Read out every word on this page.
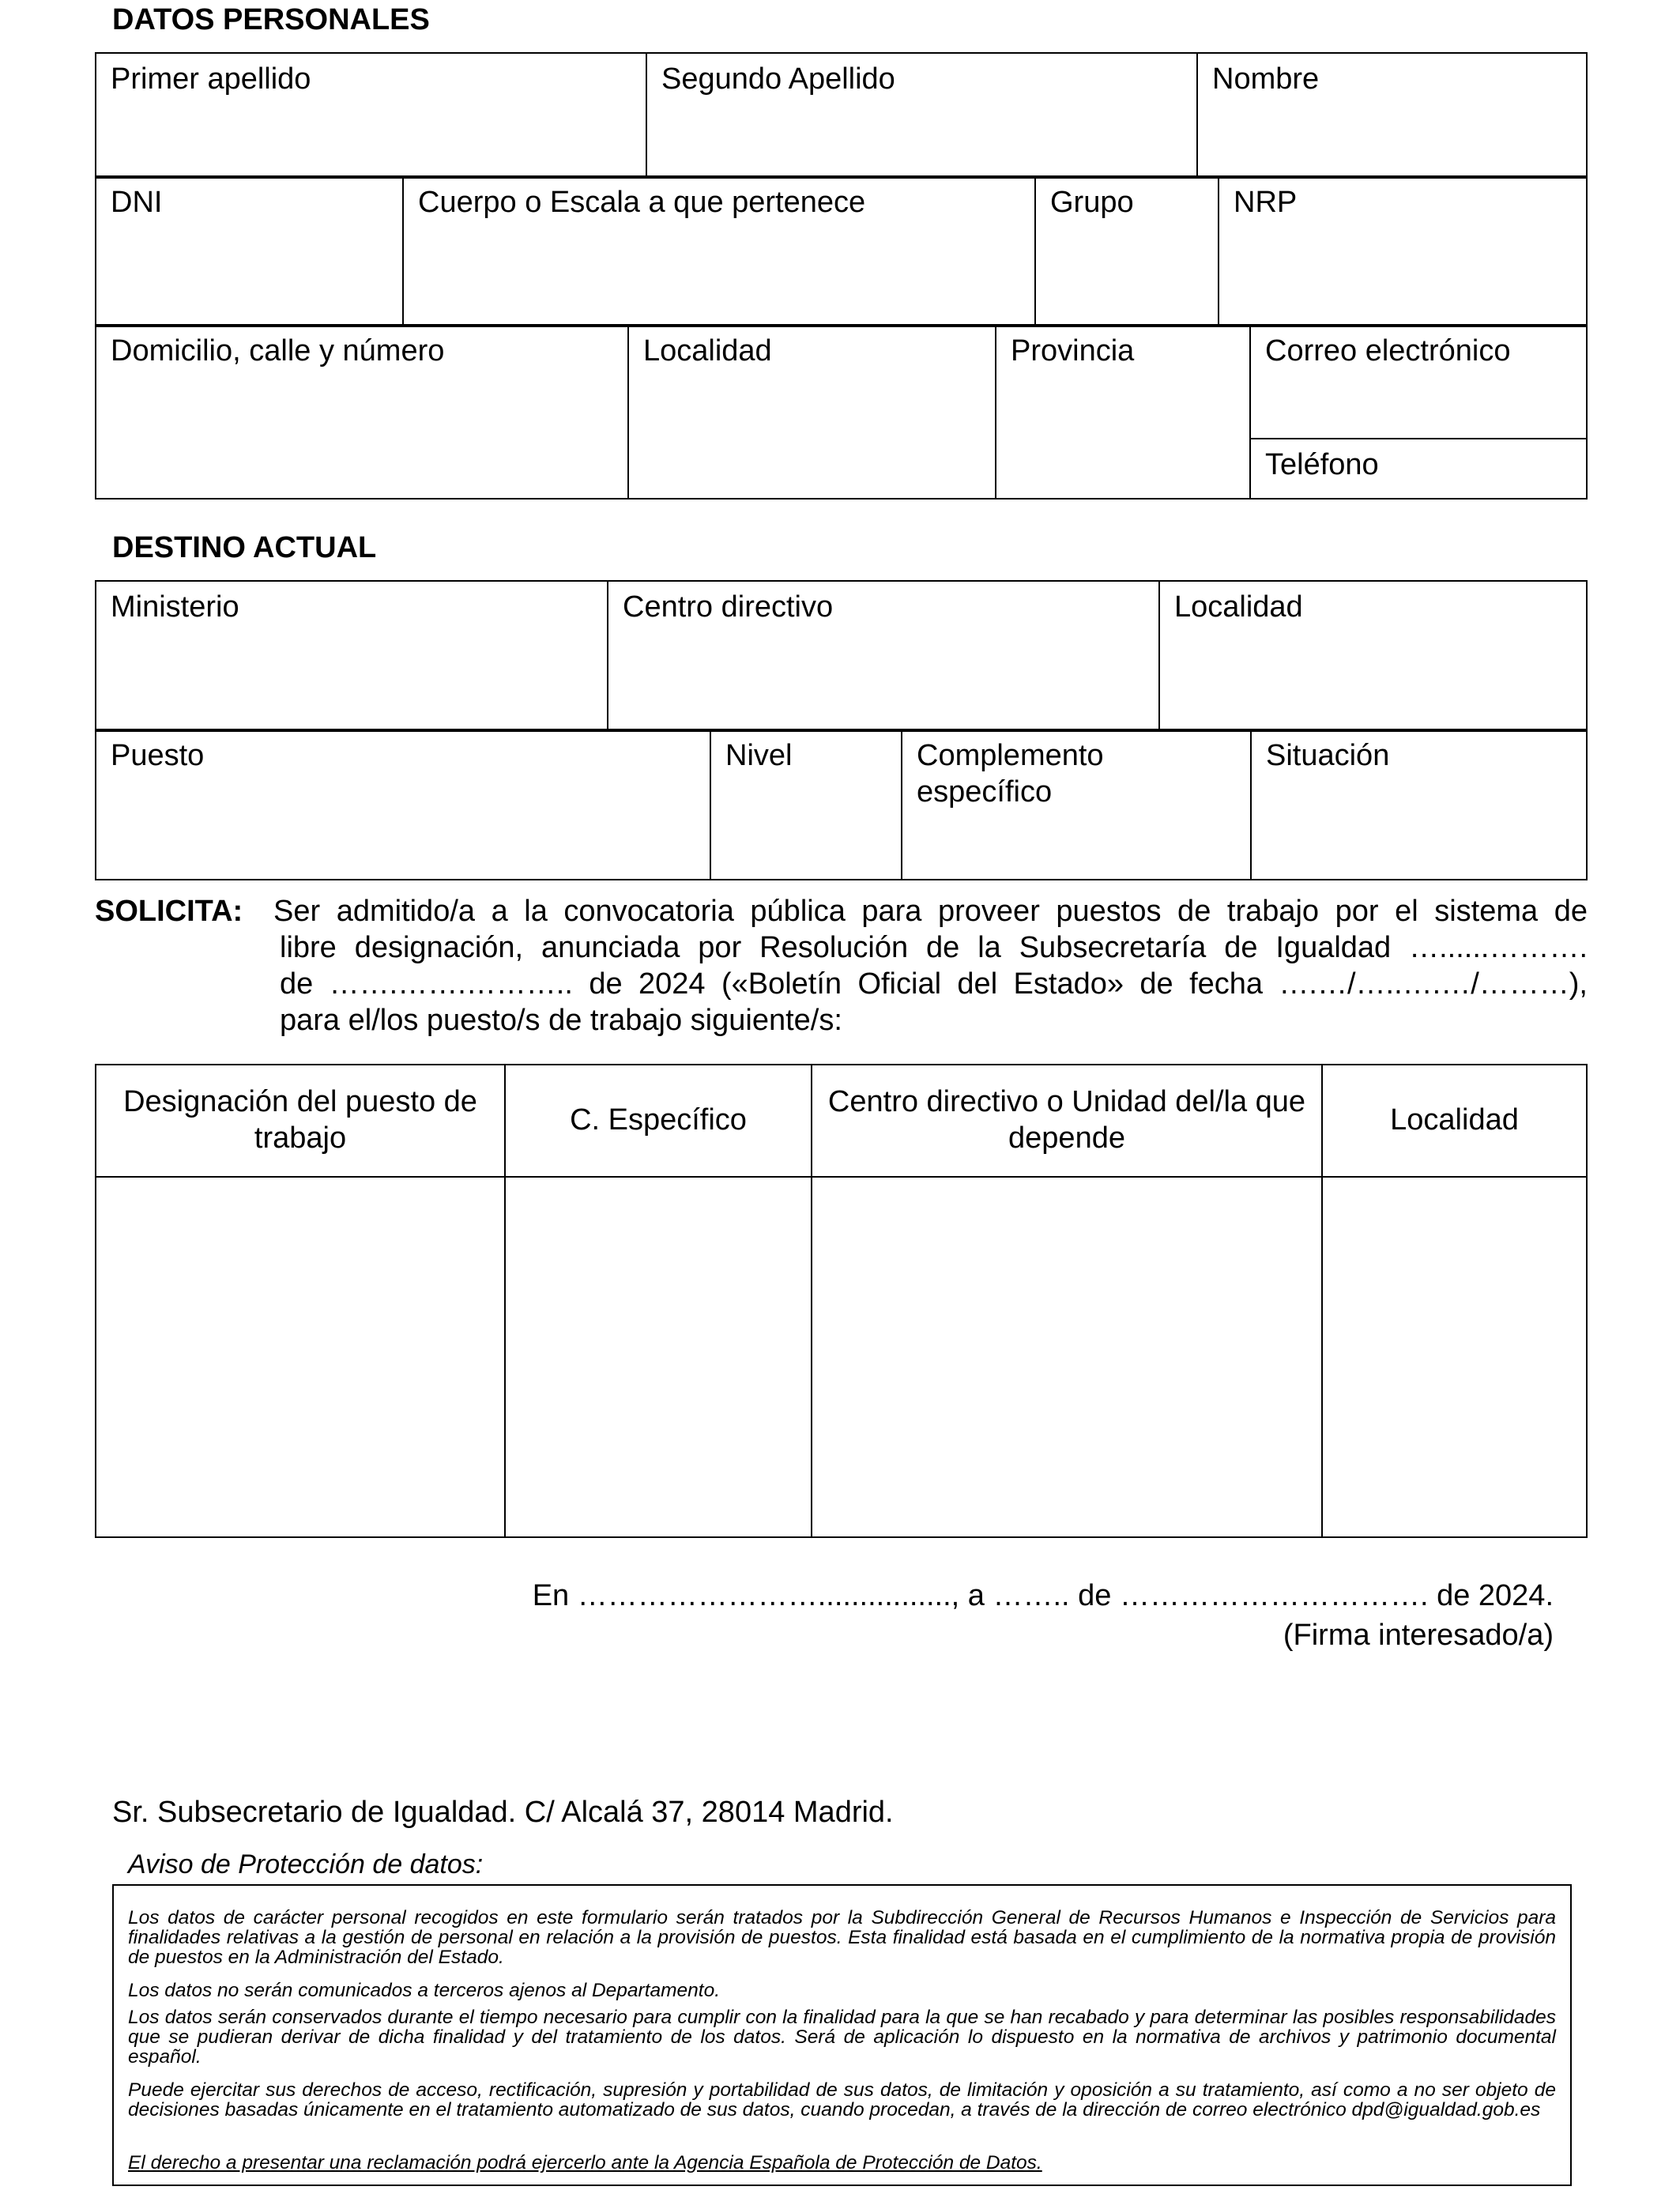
DATOS PERSONALES
Primer apellido	Segundo Apellido	Nombre
DNI	Cuerpo o Escala a que pertenece	Grupo	NRP
Domicilio, calle y número	Localidad	Provincia	Correo electrónico
Teléfono
DESTINO ACTUAL
Ministerio	Centro directivo	Localidad
Puesto	Nivel	Complemento específico	Situación
SOLICITA: Ser admitido/a a la convocatoria pública para proveer puestos de trabajo por el sistema de
libre designación, anunciada por Resolución de la Subsecretaría de Igualdad …......……….
de …….…….……….. de 2024 («Boletín Oficial del Estado» de fecha ….…/…..….…/………),
para el/los puesto/s de trabajo siguiente/s:
Designación del puesto de trabajo	C. Específico	Centro directivo o Unidad del/la que depende	Localidad

En ……………………................, a …….. de …………………………. de 2024.
(Firma interesado/a)
Sr. Subsecretario de Igualdad. C/ Alcalá 37, 28014 Madrid.
Aviso de Protección de datos:

Los datos de carácter personal recogidos en este formulario serán tratados por la Subdirección General de Recursos Humanos e Inspección de Servicios para finalidades relativas a la gestión de personal en relación a la provisión de puestos. Esta finalidad está basada en el cumplimiento de la normativa propia de provisión de puestos en la Administración del Estado.

Los datos no serán comunicados a terceros ajenos al Departamento.

Los datos serán conservados durante el tiempo necesario para cumplir con la finalidad para la que se han recabado y para determinar las posibles responsabilidades que se pudieran derivar de dicha finalidad y del tratamiento de los datos. Será de aplicación lo dispuesto en la normativa de archivos y patrimonio documental español.

Puede ejercitar sus derechos de acceso, rectificación, supresión y portabilidad de sus datos, de limitación y oposición a su tratamiento, así como a no ser objeto de decisiones basadas únicamente en el tratamiento automatizado de sus datos, cuando procedan, a través de la dirección de correo electrónico dpd@igualdad.gob.es

El derecho a presentar una reclamación podrá ejercerlo ante la Agencia Española de Protección de Datos.
